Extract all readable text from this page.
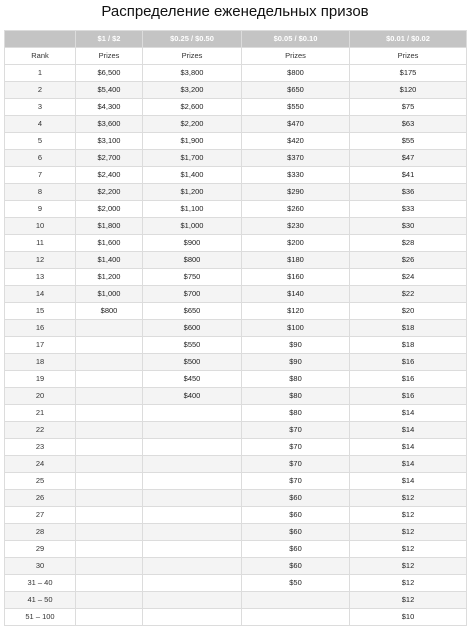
Распределение еженедельных призов
	$1 / $2	$0.25 / $0.50	$0.05 / $0.10	$0.01 / $0.02
Rank	Prizes	Prizes	Prizes	Prizes
1	$6,500	$3,800	$800	$175
2	$5,400	$3,200	$650	$120
3	$4,300	$2,600	$550	$75
4	$3,600	$2,200	$470	$63
5	$3,100	$1,900	$420	$55
6	$2,700	$1,700	$370	$47
7	$2,400	$1,400	$330	$41
8	$2,200	$1,200	$290	$36
9	$2,000	$1,100	$260	$33
10	$1,800	$1,000	$230	$30
11	$1,600	$900	$200	$28
12	$1,400	$800	$180	$26
13	$1,200	$750	$160	$24
14	$1,000	$700	$140	$22
15	$800	$650	$120	$20
16		$600	$100	$18
17		$550	$90	$18
18		$500	$90	$16
19		$450	$80	$16
20		$400	$80	$16
21			$80	$14
22			$70	$14
23			$70	$14
24			$70	$14
25			$70	$14
26			$60	$12
27			$60	$12
28			$60	$12
29			$60	$12
30			$60	$12
31 – 40			$50	$12
41 – 50				$12
51 – 100				$10
